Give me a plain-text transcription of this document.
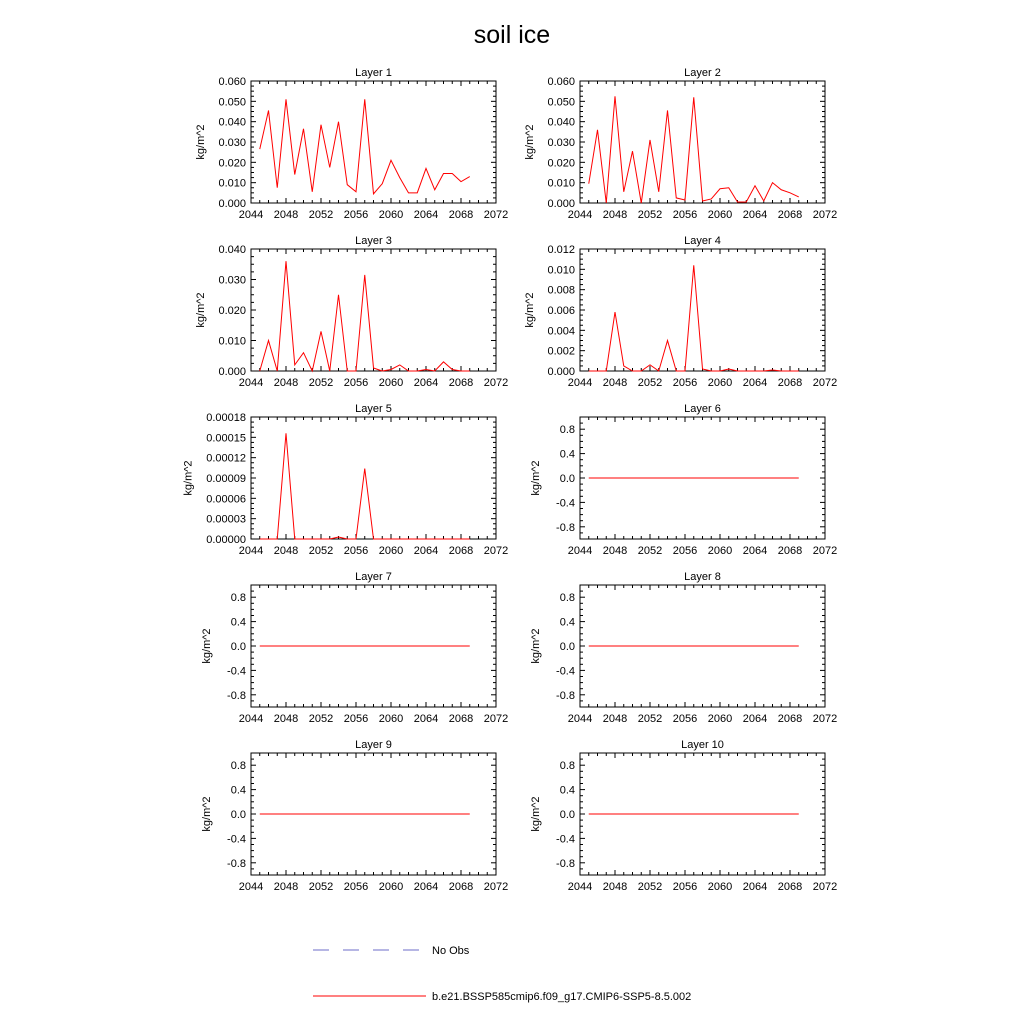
soil ice
Layer 1
2044 2048 2052 2056 2060 2064 2068 2072
0.000
0.010
0.020
0.030
0.040
0.050
0.060
kg/m^2
Layer 2
2044 2048 2052 2056 2060 2064 2068 2072
0.000
0.010
0.020
0.030
0.040
0.050
0.060
kg/m^2
Layer 3
2044 2048 2052 2056 2060 2064 2068 2072
0.000
0.010
0.020
0.030
0.040
kg/m^2
Layer 4
2044 2048 2052 2056 2060 2064 2068 2072
0.000
0.002
0.004
0.006
0.008
0.010
0.012
kg/m^2
Layer 5
2044 2048 2052 2056 2060 2064 2068 2072
0.00000
0.00003
0.00006
0.00009
0.00012
0.00015
0.00018
kg/m^2
Layer 6
2044 2048 2052 2056 2060 2064 2068 2072
-0.8
-0.4
0.0
0.4
0.8
kg/m^2
Layer 7
2044 2048 2052 2056 2060 2064 2068 2072
-0.8
-0.4
0.0
0.4
0.8
kg/m^2
Layer 8
2044 2048 2052 2056 2060 2064 2068 2072
-0.8
-0.4
0.0
0.4
0.8
kg/m^2
Layer 9
2044 2048 2052 2056 2060 2064 2068 2072
-0.8
-0.4
0.0
0.4
0.8
kg/m^2
Layer 10
2044 2048 2052 2056 2060 2064 2068 2072
-0.8
-0.4
0.0
0.4
0.8
kg/m^2
No Obs
b.e21.BSSP585cmip6.f09_g17.CMIP6-SSP5-8.5.002
